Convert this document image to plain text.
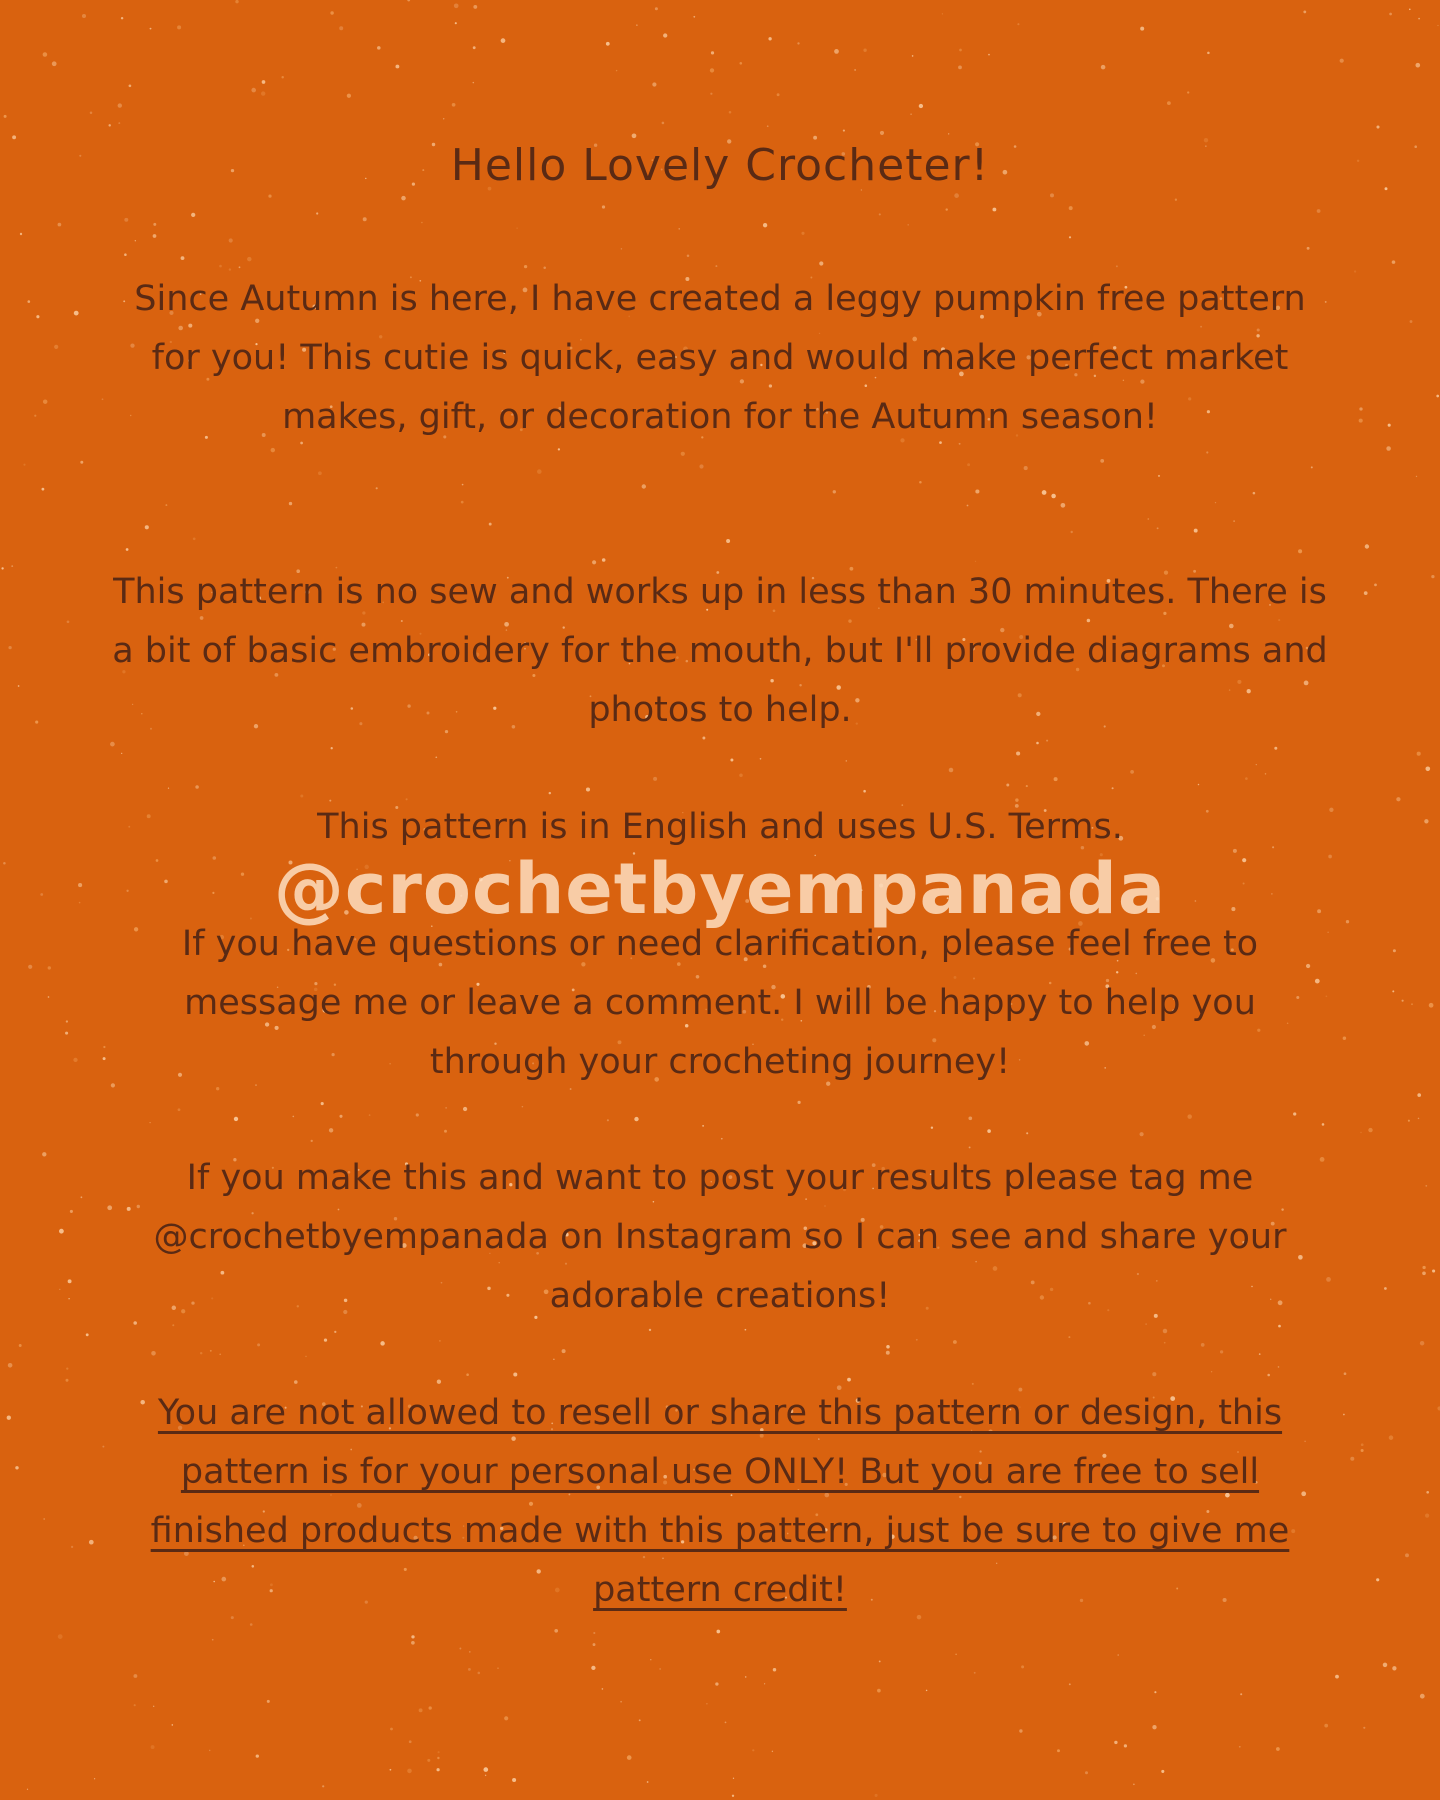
Hello Lovely Crocheter!

Since Autumn is here, I have created a leggy pumpkin free pattern for you! This cutie is quick, easy and would make perfect market makes, gift, or decoration for the Autumn season!

This pattern is no sew and works up in less than 30 minutes. There is a bit of basic embroidery for the mouth, but I'll provide diagrams and photos to help.

This pattern is in English and uses U.S. Terms.

If you have questions or need clarification, please feel free to message me or leave a comment. I will be happy to help you through your crocheting journey!

If you make this and want to post your results please tag me @crochetbyempanada on Instagram so I can see and share your adorable creations!

You are not allowed to resell or share this pattern or design, this pattern is for your personal use ONLY! But you are free to sell finished products made with this pattern, just be sure to give me pattern credit!

@crochetbyempanada
